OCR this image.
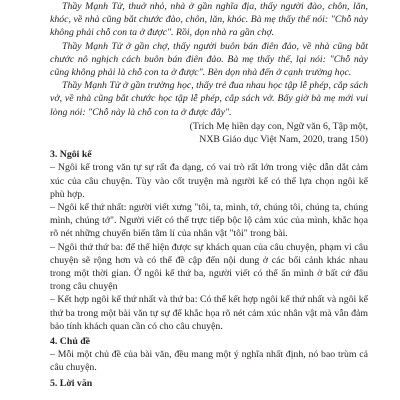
Thầy Mạnh Tử, thuở nhỏ, nhà ở gần nghĩa địa, thấy người đào, chôn, lăn, khóc, về nhà cũng bắt chước đào, chôn, lăn, khóc. Bà mẹ thấy thế nói: "Chỗ này không phải chỗ con ta ở được". Rồi, dọn nhà ra gần chợ.

Thầy Mạnh Tử ở gần chợ, thấy người buôn bán điên đảo, về nhà cũng bắt chước nô nghịch cách buôn bán điên đảo. Bà mẹ thấy thế, lại nói: "Chỗ này cũng không phải là chỗ con ta ở được". Bèn dọn nhà đến ở cạnh trường học.

Thầy Mạnh Tử ở gần trường học, thấy trẻ đua nhau học tập lễ phép, cắp sách vở, về nhà cũng bắt chước học tập lễ phép, cắp sách vở. Bấy giờ bà mẹ mới vui lòng nói: "Chỗ này là chỗ con ta ở được đây".

(Trích Mẹ hiền dạy con, Ngữ văn 6, Tập một,
NXB Giáo dục Việt Nam, 2020, trang 150)

3. Ngôi kể

– Ngôi kể trong văn tự sự rất đa dạng, có vai trò rất lớn trong việc dẫn dắt cảm xúc của câu chuyện. Tùy vào cốt truyện mà người kể có thể lựa chọn ngôi kể phù hợp.

– Ngôi kể thứ nhất: người viết xưng "tôi, ta, mình, tớ, chúng tôi, chúng ta, chúng mình, chúng tớ". Người viết có thể trực tiếp bộc lộ cảm xúc của mình, khắc họa rõ nét những chuyển biến tâm lí của nhân vật "tôi" trong bài.

– Ngôi thứ thứ ba: để thể hiện được sự khách quan của câu chuyện, phạm vi câu chuyện sẽ rộng hơn và có thể đề cập đến nội dung ở các bối cảnh khác nhau trong một thời gian. Ở ngôi kể thứ ba, người viết có thể ẩn mình ở bất cứ đâu trong câu chuyện

– Kết hợp ngôi kể thứ nhất và thứ ba: Có thể kết hợp ngôi kể thứ nhất và ngôi kể thứ ba trong một bài văn tự sự để khắc họa rõ nét cảm xúc nhân vật mà vẫn đảm bảo tính khách quan cần có cho câu chuyện.

4. Chủ đề

– Mỗi một chủ đề của bài văn, đều mang một ý nghĩa nhất định, nó bao trùm cả câu chuyện.

5. Lời văn
